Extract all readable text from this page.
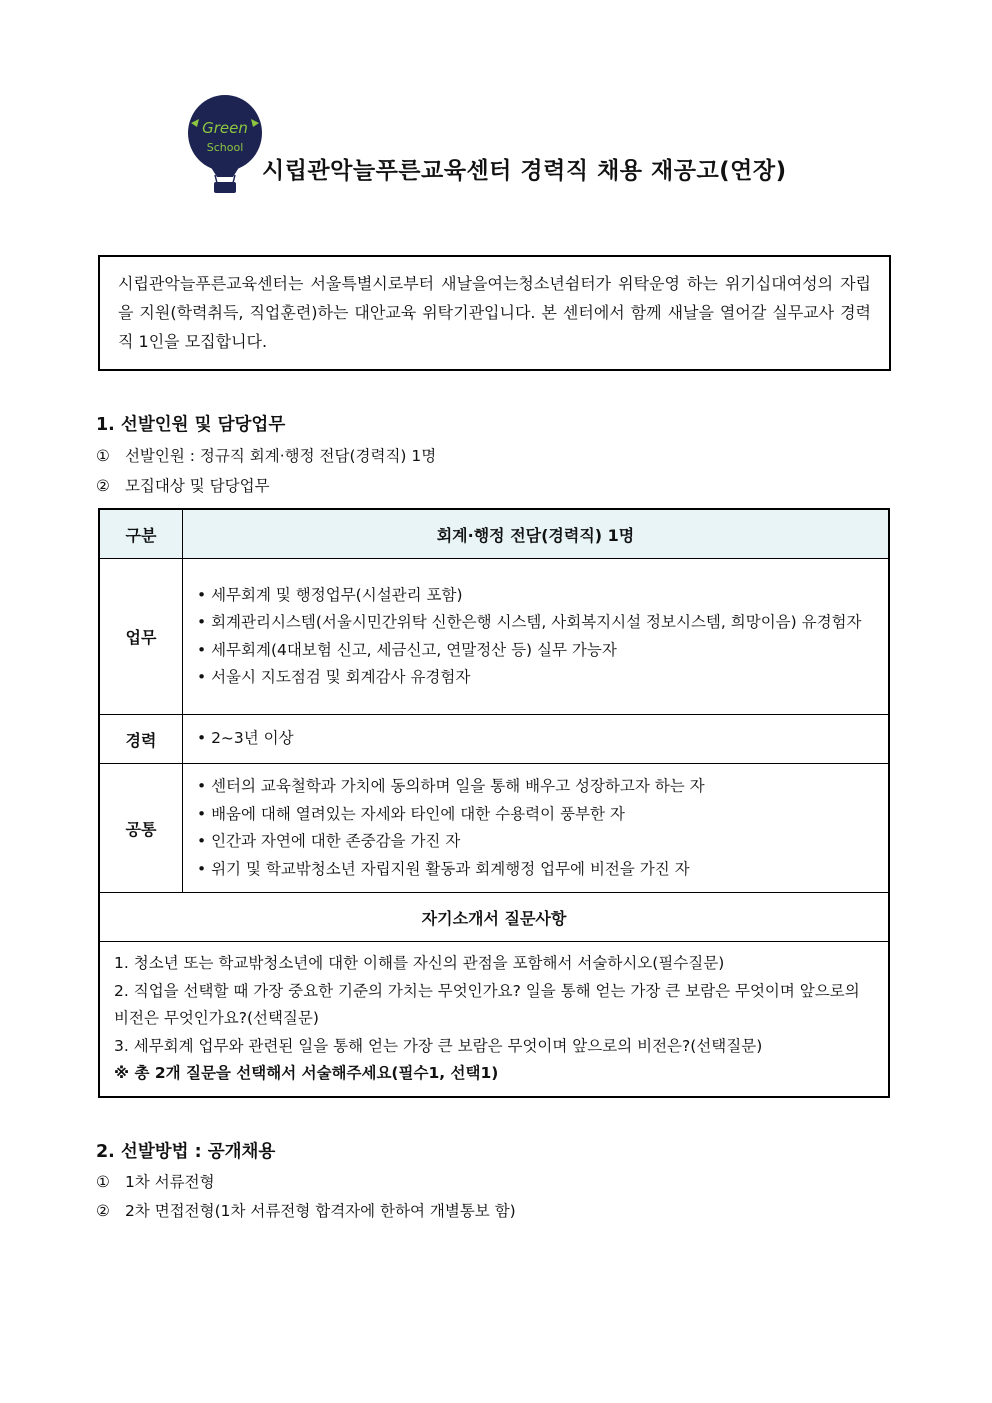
Green
School
시립관악늘푸른교육센터 경력직 채용 재공고(연장)
시립관악늘푸른교육센터는 서울특별시로부터 새날을여는청소년쉼터가 위탁운영 하는 위기십대여성의 자립을 지원(학력취득, 직업훈련)하는 대안교육 위탁기관입니다. 본 센터에서 함께 새날을 열어갈 실무교사 경력직 1인을 모집합니다.
1. 선발인원 및 담당업무
① 선발인원 : 정규직 회계·행정 전담(경력직) 1명
② 모집대상 및 담당업무
구분	회계·행정 전담(경력직) 1명
업무	• 세무회계 및 행정업무(시설관리 포함)
• 회계관리시스템(서울시민간위탁 신한은행 시스템, 사회복지시설 정보시스템, 희망이음) 유경험자
• 세무회계(4대보험 신고, 세금신고, 연말정산 등) 실무 가능자
• 서울시 지도점검 및 회계감사 유경험자

경력	• 2~3년 이상

공통	• 센터의 교육철학과 가치에 동의하며 일을 통해 배우고 성장하고자 하는 자
• 배움에 대해 열려있는 자세와 타인에 대한 수용력이 풍부한 자
• 인간과 자연에 대한 존중감을 가진 자
• 위기 및 학교밖청소년 자립지원 활동과 회계행정 업무에 비전을 가진 자

자기소개서 질문사항	

1. 청소년 또는 학교밖청소년에 대한 이해를 자신의 관점을 포함해서 서술하시오(필수질문)
2. 직업을 선택할 때 가장 중요한 기준의 가치는 무엇인가요? 일을 통해 얻는 가장 큰 보람은 무엇이며 앞으로의 비전은 무엇인가요?(선택질문)
3. 세무회계 업무와 관련된 일을 통해 얻는 가장 큰 보람은 무엇이며 앞으로의 비전은?(선택질문)
※ 총 2개 질문을 선택해서 서술해주세요(필수1, 선택1)	
2. 선발방법 : 공개채용
① 1차 서류전형
② 2차 면접전형(1차 서류전형 합격자에 한하여 개별통보 함)
